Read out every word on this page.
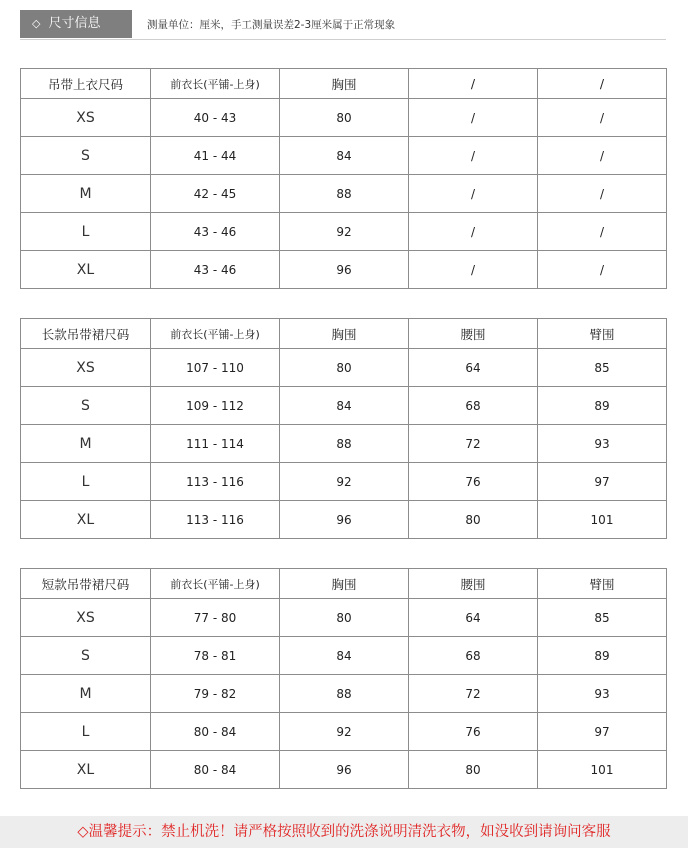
◇ 尺寸信息	测量单位：厘米，手工测量误差2-3厘米属于正常现象
吊带上衣尺码	前衣长(平铺-上身)	胸围	/	/
XS	40 - 43	80	/	/
S	41 - 44	84	/	/
M	42 - 45	88	/	/
L	43 - 46	92	/	/
XL	43 - 46	96	/	/
长款吊带裙尺码	前衣长(平铺-上身)	胸围	腰围	臂围
XS	107 - 110	80	64	85
S	109 - 112	84	68	89
M	111 - 114	88	72	93
L	113 - 116	92	76	97
XL	113 - 116	96	80	101
短款吊带裙尺码	前衣长(平铺-上身)	胸围	腰围	臂围
XS	77 - 80	80	64	85
S	78 - 81	84	68	89
M	79 - 82	88	72	93
L	80 - 84	92	76	97
XL	80 - 84	96	80	101
◇温馨提示：禁止机洗！请严格按照收到的洗涤说明清洗衣物，如没收到请询问客服
